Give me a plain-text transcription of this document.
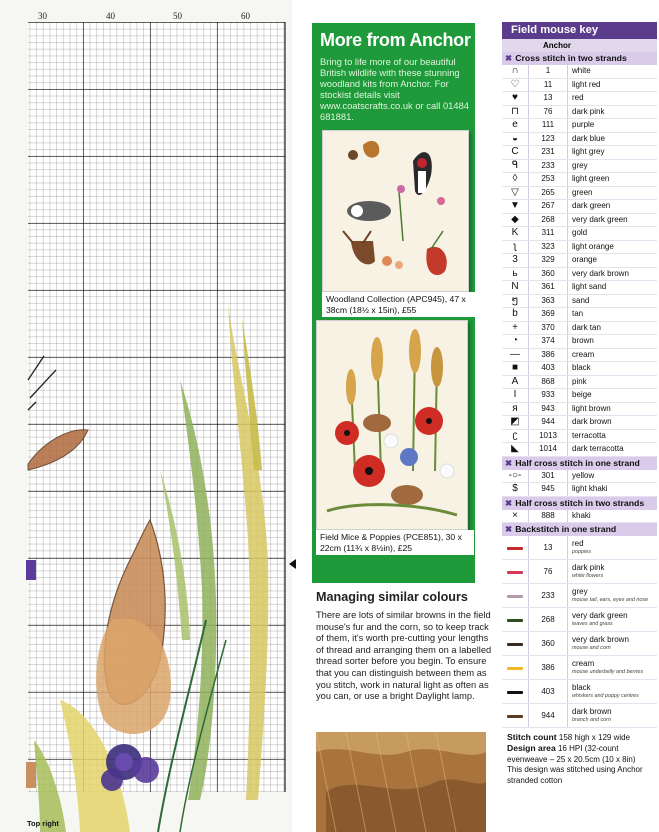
30	40	50	60
Top right
More from Anchor
Bring to life more of our beautiful British wildlife with these stunning woodland kits from Anchor. For stockist details visit www.coatscrafts.co.uk or call 01484 681881.
Woodland Collection (APC945), 47 x 38cm (18½ x 15in), £55
Field Mice & Poppies (PCE851), 30 x 22cm (11¾ x 8½in), £25
Managing similar colours
There are lots of similar browns in the field mouse's fur and the corn, so to keep track of them, it's worth pre-cutting your lengths of thread and arranging them on a labelled thread sorter before you begin. To ensure that you can distinguish between them as you stitch, work in natural light as often as you can, or use a bright Daylight lamp.
Field mouse key
Anchor
✖ Cross stitch in two strands
∩	1	white
♡	11	light red
♥	13	red
⊓	76	dark pink
e	111	purple
◒	123	dark blue
C	231	light grey
ᑫ	233	grey
◊	253	light green
▽	265	green
▼	267	dark green
◆	268	very dark green
K	311	gold
ʅ	323	light orange
3	329	orange
ь	360	very dark brown
N	361	light sand
ໆ	363	sand
b	369	tan
+	370	dark tan
◔	374	brown
—	386	cream
■	403	black
A	868	pink
I	933	beige
я	943	light brown
◩	944	dark brown
ʗ	1013	terracotta
◣	1014	dark terracotta
✖ Half cross stitch in one strand
-○-	301	yellow
$	945	light khaki
✖ Half cross stitch in two strands
×	888	khaki
✖ Backstitch in one strand
13	red
poppies
76	dark pink
white flowers
233	grey
mouse tail, ears, eyes and nose
268	very dark green
leaves and grass
360	very dark brown
mouse and corn
386	cream
mouse underbelly and berries
403	black
whiskers and poppy centres
944	dark brown
branch and corn
Stitch count 158 high x 129 wide
Design area 16 HPI (32-count evenweave – 25 x 20.5cm (10 x 8in)
This design was stitched using Anchor stranded cotton
